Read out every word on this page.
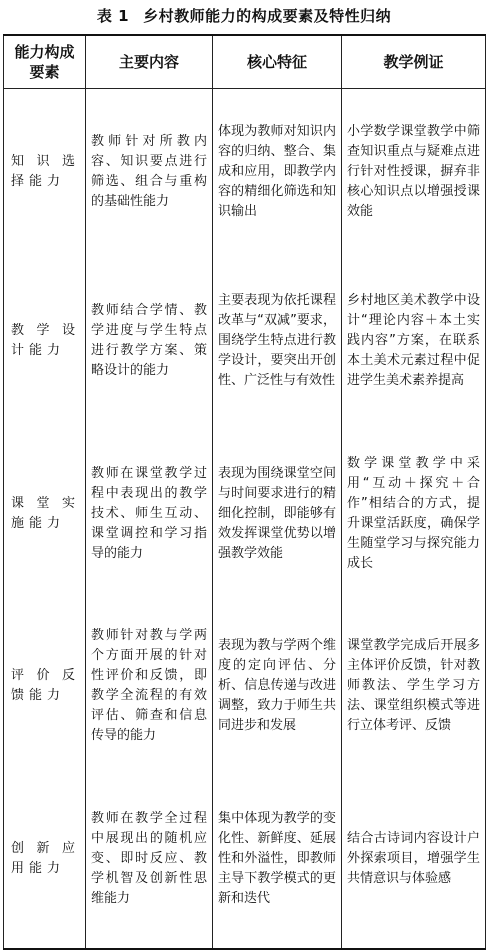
表 1 乡村教师能力的构成要素及特性归纳
能力构成要素	主要内容	核心特征	教学例证
知识选择能力	教师针对所教内容、知识要点进行筛选、组合与重构的基础性能力	体现为教师对知识内容的归纳、整合、集成和应用，即教学内容的精细化筛选和知识输出	小学数学课堂教学中筛查知识重点与疑难点进行针对性授课，摒弃非核心知识点以增强授课效能
教学设计能力	教师结合学情、教学进度与学生特点进行教学方案、策略设计的能力	主要表现为依托课程改革与“双减”要求，围绕学生特点进行教学设计，要突出开创性、广泛性与有效性	乡村地区美术教学中设计“理论内容＋本土实践内容”方案，在联系本土美术元素过程中促进学生美术素养提高
课堂实施能力	教师在课堂教学过程中表现出的教学技术、师生互动、课堂调控和学习指导的能力	表现为围绕课堂空间与时间要求进行的精细化控制，即能够有效发挥课堂优势以增强教学效能	数学课堂教学中采用“互动＋探究＋合作”相结合的方式，提升课堂活跃度，确保学生随堂学习与探究能力成长
评价反馈能力	教师针对教与学两个方面开展的针对性评价和反馈，即教学全流程的有效评估、筛查和信息传导的能力	表现为教与学两个维度的定向评估、分析、信息传递与改进调整，致力于师生共同进步和发展	课堂教学完成后开展多主体评价反馈，针对教师教法、学生学习方法、课堂组织模式等进行立体考评、反馈
创新应用能力	教师在教学全过程中展现出的随机应变、即时反应、教学机智及创新性思维能力	集中体现为教学的变化性、新鲜度、延展性和外溢性，即教师主导下教学模式的更新和迭代	结合古诗词内容设计户外探索项目，增强学生共情意识与体验感
